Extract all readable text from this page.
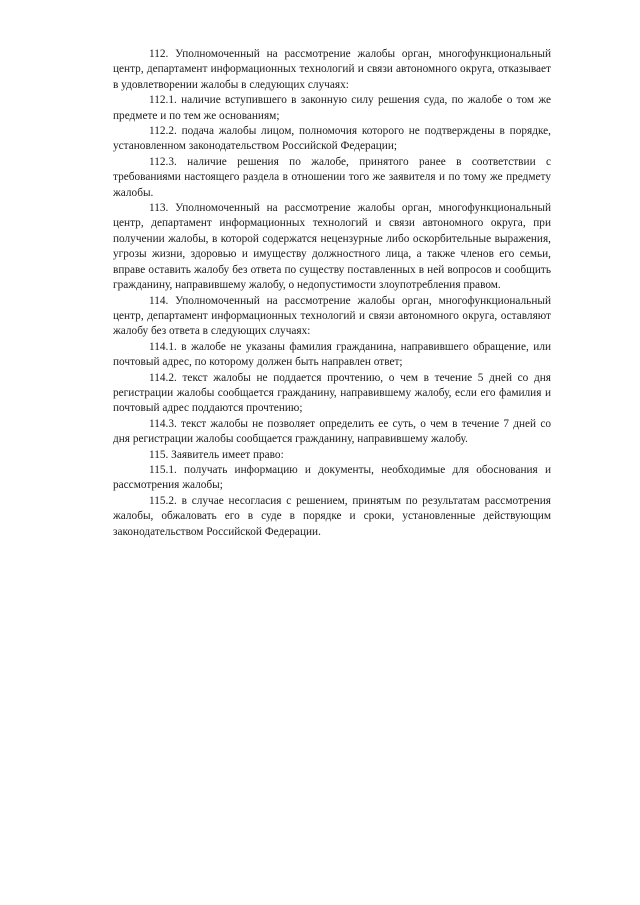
112. Уполномоченный на рассмотрение жалобы орган, многофункциональный центр, департамент информационных технологий и связи автономного округа, отказывает в удовлетворении жалобы в следующих случаях:

112.1. наличие вступившего в законную силу решения суда, по жалобе о том же предмете и по тем же основаниям;

112.2. подача жалобы лицом, полномочия которого не подтверждены в порядке, установленном законодательством Российской Федерации;

112.3. наличие решения по жалобе, принятого ранее в соответствии с требованиями настоящего раздела в отношении того же заявителя и по тому же предмету жалобы.

113. Уполномоченный на рассмотрение жалобы орган, многофункциональный центр, департамент информационных технологий и связи автономного округа, при получении жалобы, в которой содержатся нецензурные либо оскорбительные выражения, угрозы жизни, здоровью и имуществу должностного лица, а также членов его семьи, вправе оставить жалобу без ответа по существу поставленных в ней вопросов и сообщить гражданину, направившему жалобу, о недопустимости злоупотребления правом.

114. Уполномоченный на рассмотрение жалобы орган, многофункциональный центр, департамент информационных технологий и связи автономного округа, оставляют жалобу без ответа в следующих случаях:

114.1. в жалобе не указаны фамилия гражданина, направившего обращение, или почтовый адрес, по которому должен быть направлен ответ;

114.2. текст жалобы не поддается прочтению, о чем в течение 5 дней со дня регистрации жалобы сообщается гражданину, направившему жалобу, если его фамилия и почтовый адрес поддаются прочтению;

114.3. текст жалобы не позволяет определить ее суть, о чем в течение 7 дней со дня регистрации жалобы сообщается гражданину, направившему жалобу.

115. Заявитель имеет право:

115.1. получать информацию и документы, необходимые для обоснования и рассмотрения жалобы;

115.2. в случае несогласия с решением, принятым по результатам рассмотрения жалобы, обжаловать его в суде в порядке и сроки, установленные действующим законодательством Российской Федерации.
